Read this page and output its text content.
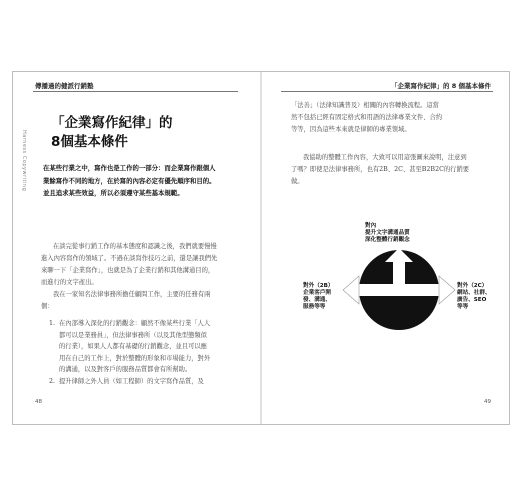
Harness Copywriting
傳播過的健派行銷塾
「企業寫作紀律」的
8個基本條件

在某些行業之中，寫作也是工作的一部分：而企業寫作跟個人
業餘寫作不同的地方，在於寫的內容必定有優先順序和目的。
並且追求某些效益，所以必須遵守某些基本規範。

在談完從事行銷工作的基本態度和認識之後，我們就要慢慢
進入內容寫作的領域了。不過在談寫作技巧之前，還是讓我們先
來聊一下「企業寫作」，也就是為了企業行銷和其他溝通目的，
而進行的文字產出。

我在一家知名法律事務所擔任顧問工作，主要的任務有兩
個：

1. 在內部導入深化的行銷觀念：顧然不像某些行業「人人
都可以是業務員」，但法律事務所（以及其他型態類似
的行業），如果人人都有基礎的行銷觀念，並且可以應
用在自己的工作上，對於整體的形象和市場能力，對外
的溝通，以及對客戶的服務品質都會有所幫助。
2. 提升律師之外人員（如工程師）的文字寫作品質，及
48
「企業寫作紀律」的 8 個基本條件

「法善」（法律知識普及）相關的內容轉換流程。這當
然不包括已經有固定格式和用語的法律專業文件、合約
等等，因為這些本來就是律師的專業領域。

我協助的整體工作內容，大致可以用這張圖來說明，注意到
了嗎？即使是法律事務所，也有2B、2C、甚至B2B2C的行銷要
做。

對內
提升文字溝通品質
深化整體行銷觀念

對外（2B）
企業客戶開
發、溝通、
服務等等

對外（2C）
網站、社群、
廣告、SEO
等等

49
